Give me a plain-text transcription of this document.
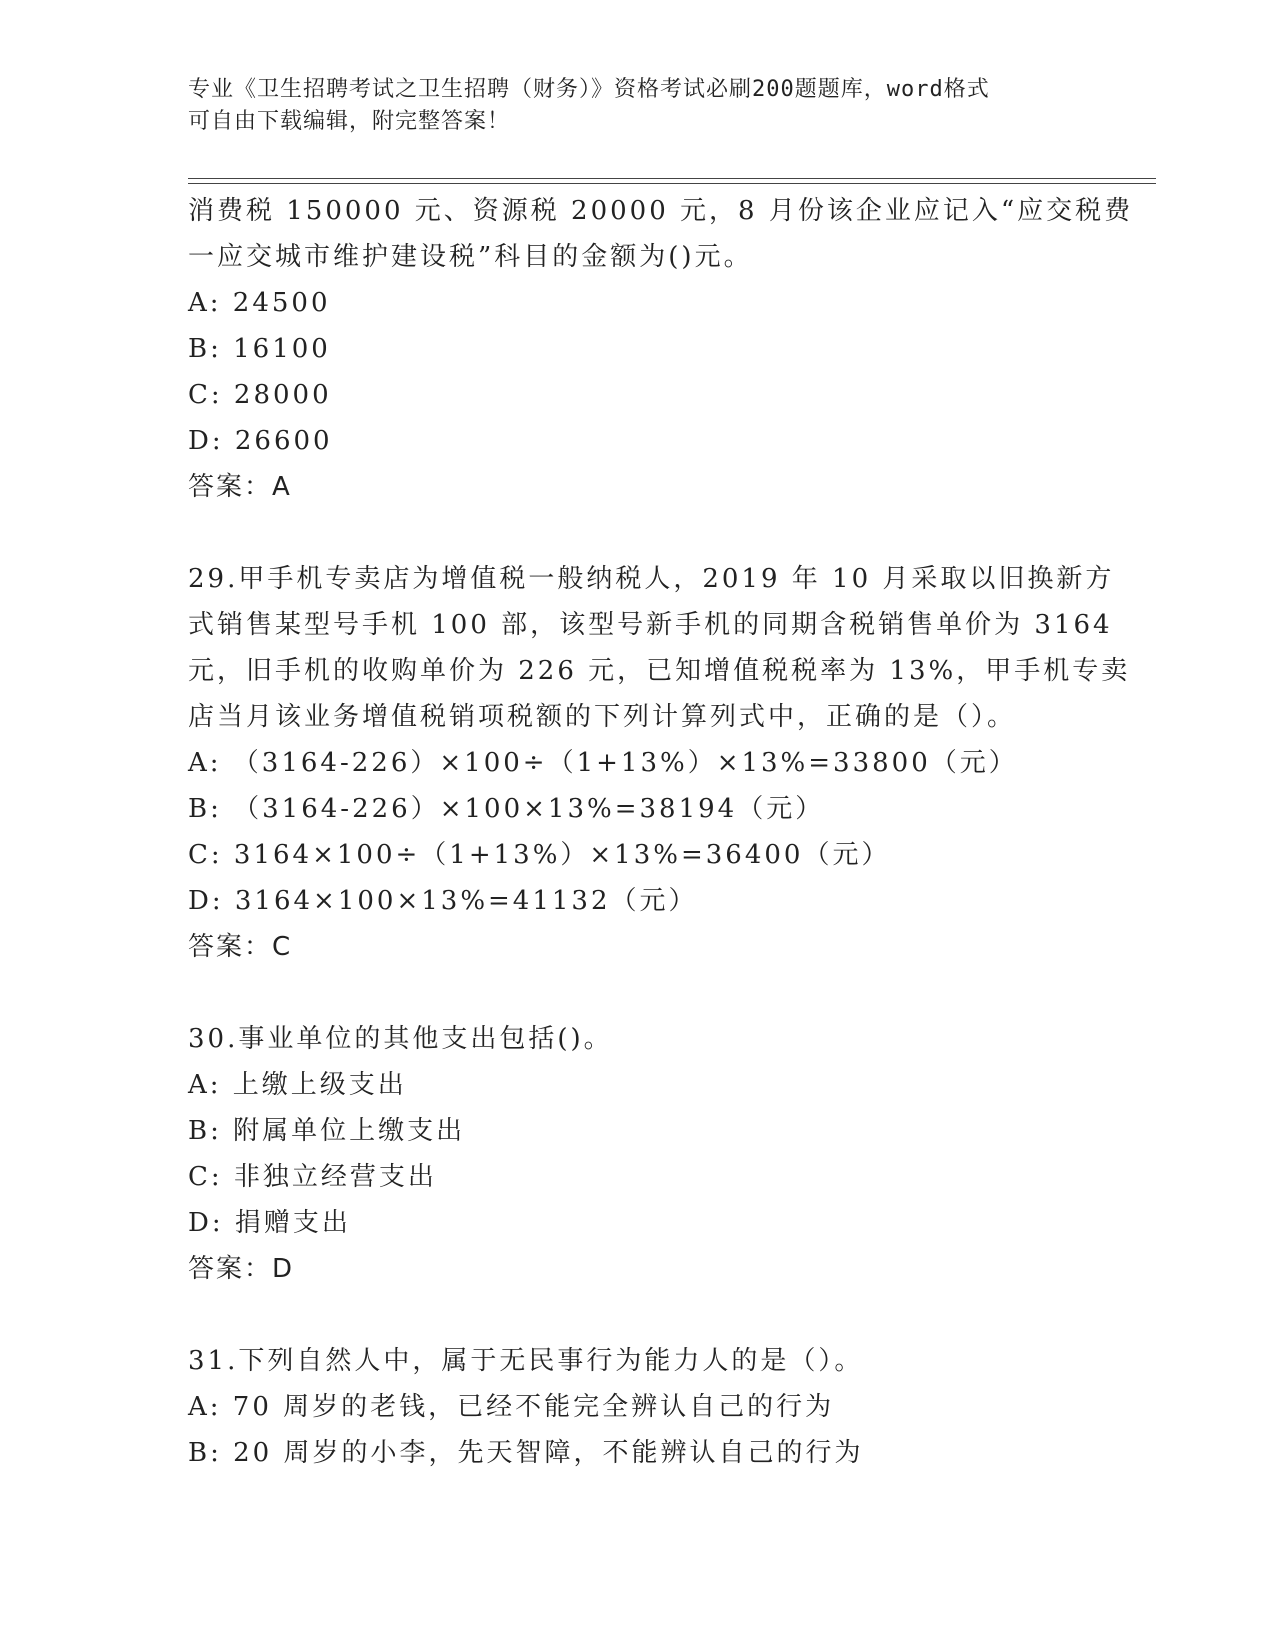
专业《卫生招聘考试之卫生招聘（财务）》资格考试必刷200题题库，word格式
可自由下载编辑，附完整答案！
消费税 150000 元、资源税 20000 元，8 月份该企业应记入“应交税费
一应交城市维护建设税”科目的金额为()元。
A: 24500
B: 16100
C: 28000
D: 26600
答案：A
29.甲手机专卖店为增值税一般纳税人，2019 年 10 月采取以旧换新方
式销售某型号手机 100 部，该型号新手机的同期含税销售单价为 3164
元，旧手机的收购单价为 226 元，已知增值税税率为 13%，甲手机专卖
店当月该业务增值税销项税额的下列计算列式中，正确的是（）。
A: （3164-226）×100÷（1+13%）×13%=33800（元）
B: （3164-226）×100×13%=38194（元）
C: 3164×100÷（1+13%）×13%=36400（元）
D: 3164×100×13%=41132（元）
答案：C
30.事业单位的其他支出包括()。
A: 上缴上级支出
B: 附属单位上缴支出
C: 非独立经营支出
D: 捐赠支出
答案：D
31.下列自然人中，属于无民事行为能力人的是（）。
A: 70 周岁的老钱，已经不能完全辨认自己的行为
B: 20 周岁的小李，先天智障，不能辨认自己的行为
